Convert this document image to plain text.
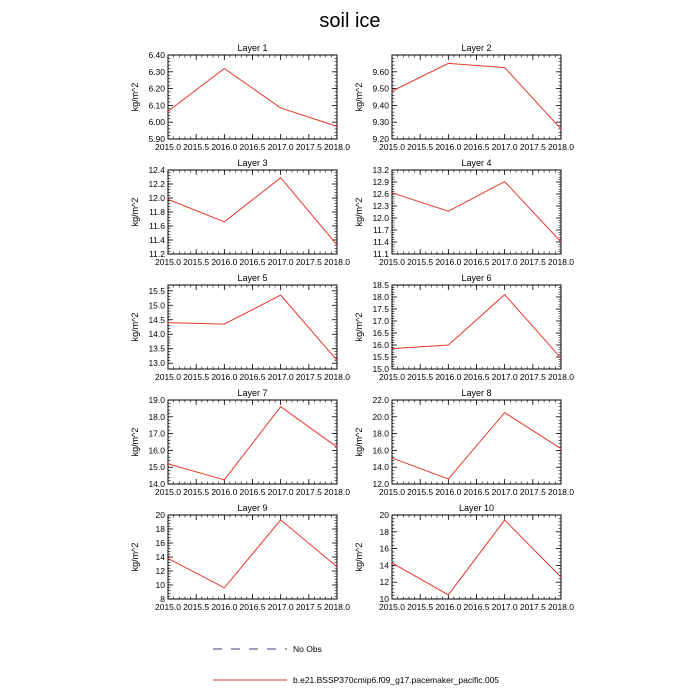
soil ice
Layer 1
2015.0 2015.5 2016.0 2016.5 2017.0 2017.5 2018.0
5.90
6.00
6.10
6.20
6.30
6.40
kg/m^2
Layer 2
2015.0 2015.5 2016.0 2016.5 2017.0 2017.5 2018.0
9.20
9.30
9.40
9.50
9.60
kg/m^2
Layer 3
2015.0 2015.5 2016.0 2016.5 2017.0 2017.5 2018.0
11.2
11.4
11.6
11.8
12.0
12.2
12.4
kg/m^2
Layer 4
2015.0 2015.5 2016.0 2016.5 2017.0 2017.5 2018.0
11.1
11.4
11.7
12.0
12.3
12.6
12.9
13.2
kg/m^2
Layer 5
2015.0 2015.5 2016.0 2016.5 2017.0 2017.5 2018.0
13.0
13.5
14.0
14.5
15.0
15.5
kg/m^2
Layer 6
2015.0 2015.5 2016.0 2016.5 2017.0 2017.5 2018.0
15.0
15.5
16.0
16.5
17.0
17.5
18.0
18.5
kg/m^2
Layer 7
2015.0 2015.5 2016.0 2016.5 2017.0 2017.5 2018.0
14.0
15.0
16.0
17.0
18.0
19.0
kg/m^2
Layer 8
2015.0 2015.5 2016.0 2016.5 2017.0 2017.5 2018.0
12.0
14.0
16.0
18.0
20.0
22.0
kg/m^2
Layer 9
2015.0 2015.5 2016.0 2016.5 2017.0 2017.5 2018.0
8
10
12
14
16
18
20
kg/m^2
Layer 10
2015.0 2015.5 2016.0 2016.5 2017.0 2017.5 2018.0
10
12
14
16
18
20
kg/m^2
No Obs
b.e21.BSSP370cmip6.f09_g17.pacemaker_pacific.005
